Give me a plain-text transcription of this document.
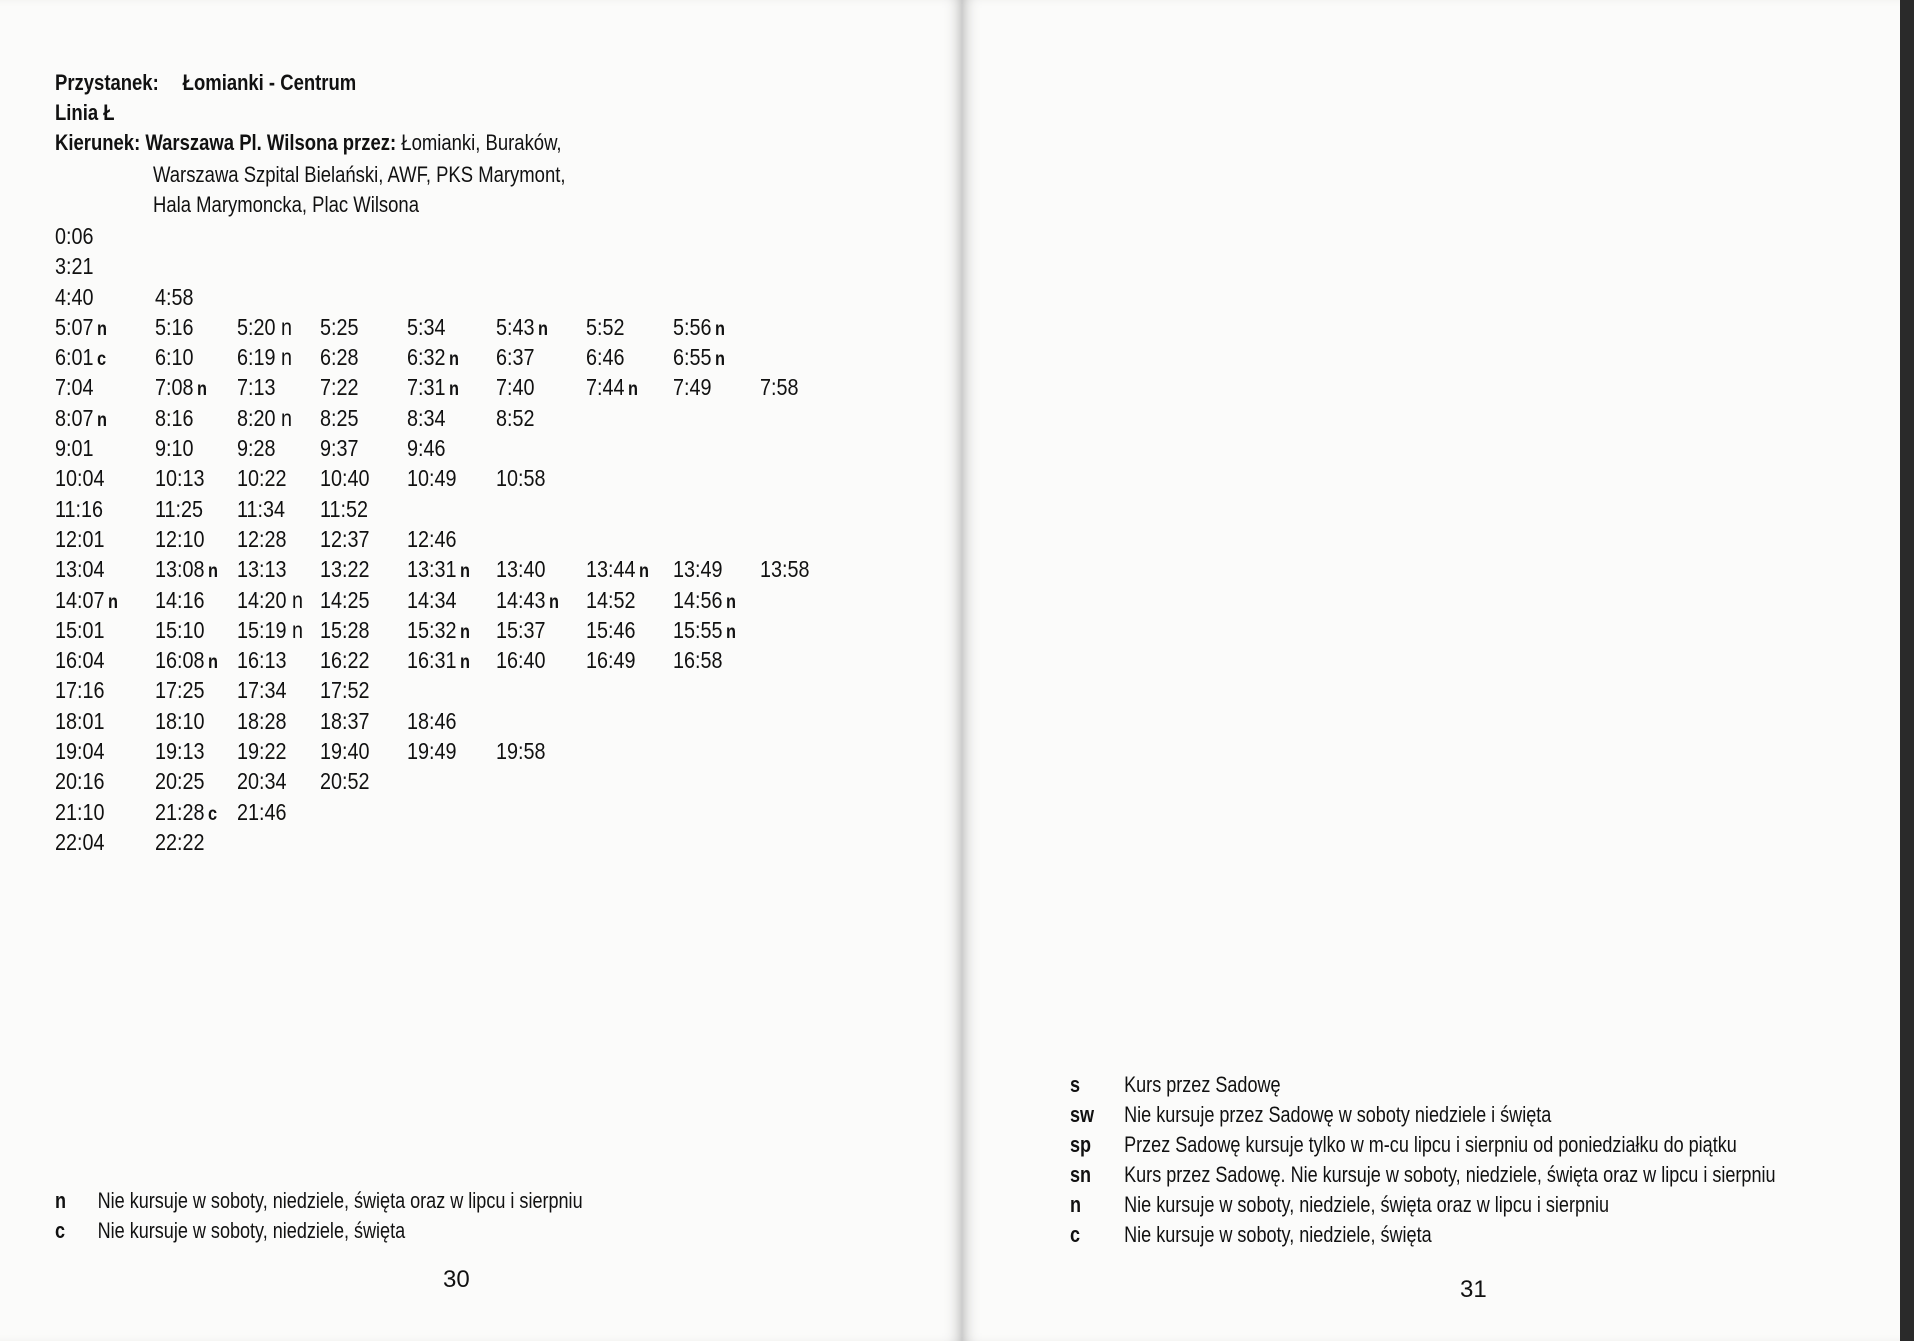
Przystanek: Łomianki - Centrum
Linia Ł
Kierunek: Warszawa Pl. Wilsona przez: Łomianki, Buraków,
Warszawa Szpital Bielański, AWF, PKS Marymont,
Hala Marymoncka, Plac Wilsona
0:06
3:21
4:40	4:58
5:07 n 5:16 5:20 n 5:25 5:34 5:43 n 5:52 5:56 n
6:01 c 6:10 6:19 n 6:28 6:32 n 6:37 6:46 6:55 n
7:04	7:08 n 7:13 7:22 7:31 n 7:40 7:44 n 7:49 7:58
8:07 n 8:16 8:20 n 8:25 8:34 8:52
9:01	9:10 9:28 9:37 9:46
10:04 10:13 10:22 10:40 10:49 10:58
11:16 11:25 11:34 11:52
12:01 12:10 12:28 12:37 12:46
13:04 13:08 n 13:13 13:22 13:31 n 13:40 13:44 n 13:49 13:58
14:07 n 14:16 14:20 n 14:25 14:34 14:43 n 14:52 14:56 n
15:01 15:10 15:19 n 15:28 15:32 n 15:37 15:46 15:55 n
16:04 16:08 n 16:13 16:22 16:31 n 16:40 16:49 16:58
17:16 17:25 17:34 17:52
18:01 18:10 18:28 18:37 18:46
19:04 19:13 19:22 19:40 19:49 19:58
20:16 20:25 20:34 20:52
21:10 21:28 c 21:46
22:04 22:22
n Nie kursuje w soboty, niedziele, święta oraz w lipcu i sierpniu
c Nie kursuje w soboty, niedziele, święta
30
s Kurs przez Sadowę
sw Nie kursuje przez Sadowę w soboty niedziele i święta
sp Przez Sadowę kursuje tylko w m-cu lipcu i sierpniu od poniedziałku do piątku
sn Kurs przez Sadowę. Nie kursuje w soboty, niedziele, święta oraz w lipcu i sierpniu
n Nie kursuje w soboty, niedziele, święta oraz w lipcu i sierpniu
c Nie kursuje w soboty, niedziele, święta
31
